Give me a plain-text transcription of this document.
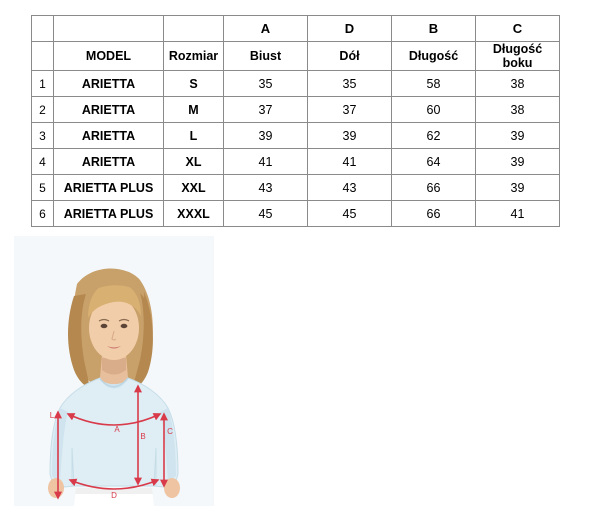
			A	D	B	C
	MODEL	Rozmiar	Biust	Dół	Długość	Długość boku
1	ARIETTA	S	35	35	58	38
2	ARIETTA	M	37	37	60	38
3	ARIETTA	L	39	39	62	39
4	ARIETTA	XL	41	41	64	39
5	ARIETTA PLUS	XXL	43	43	66	39
6	ARIETTA PLUS	XXXL	45	45	66	41
A
D
B
C
L
